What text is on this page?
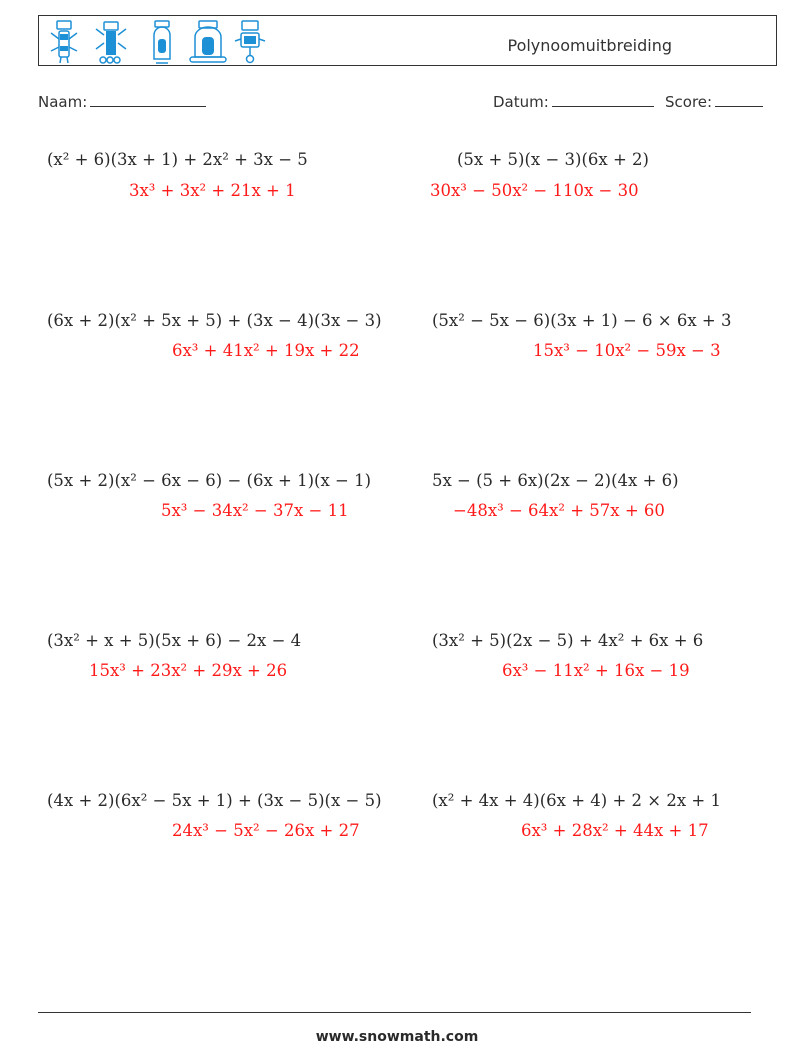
Polynoomuitbreiding
Naam:	Datum:	Score:
(x² + 6)(3x + 1) + 2x² + 3x − 5
3x³ + 3x² + 21x + 1
(5x + 5)(x − 3)(6x + 2)
30x³ − 50x² − 110x − 30
(6x + 2)(x² + 5x + 5) + (3x − 4)(3x − 3)
6x³ + 41x² + 19x + 22
(5x² − 5x − 6)(3x + 1) − 6 × 6x + 3
15x³ − 10x² − 59x − 3
(5x + 2)(x² − 6x − 6) − (6x + 1)(x − 1)
5x³ − 34x² − 37x − 11
5x − (5 + 6x)(2x − 2)(4x + 6)
−48x³ − 64x² + 57x + 60
(3x² + x + 5)(5x + 6) − 2x − 4
15x³ + 23x² + 29x + 26
(3x² + 5)(2x − 5) + 4x² + 6x + 6
6x³ − 11x² + 16x − 19
(4x + 2)(6x² − 5x + 1) + (3x − 5)(x − 5)
24x³ − 5x² − 26x + 27
(x² + 4x + 4)(6x + 4) + 2 × 2x + 1
6x³ + 28x² + 44x + 17
www.snowmath.com
